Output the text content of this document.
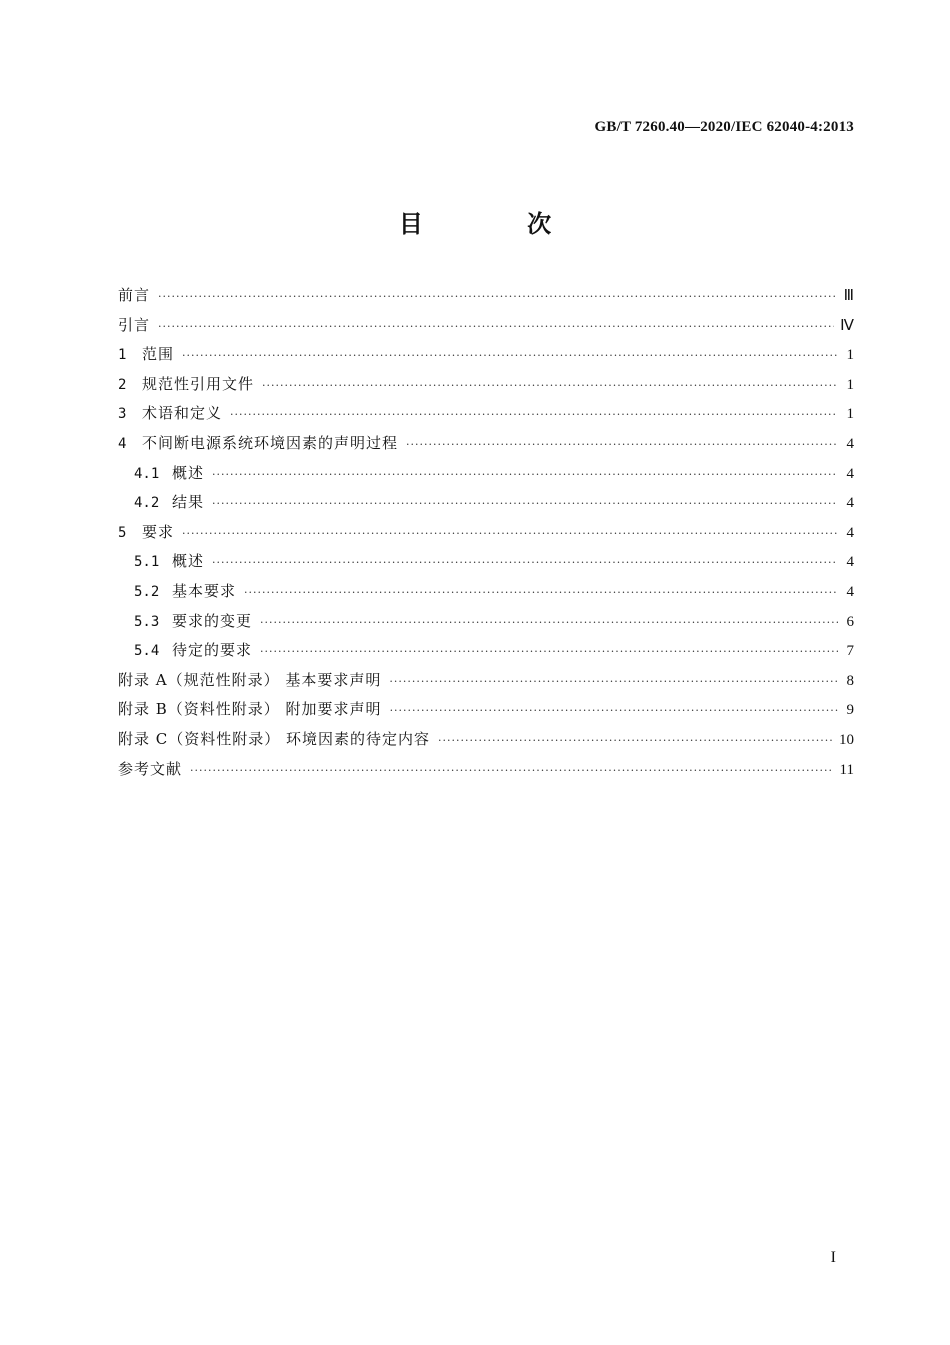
GB/T 7260.40—2020/IEC 62040-4:2013
目 次
前言 ·····	Ⅲ
引言 ·····	Ⅳ
1	范围 ·····	1
2	规范性引用文件 ·····	1
3	术语和定义 ·····	1
4	不间断电源系统环境因素的声明过程 ·····	4
4.1 概述 ·····	4
4.2 结果 ·····	4
5	要求 ·····	4
5.1 概述 ·····	4
5.2 基本要求 ·····	4
5.3 要求的变更 ·····	6
5.4 待定的要求 ·····	7
附录 A（规范性附录） 基本要求声明 ·····	8
附录 B（资料性附录） 附加要求声明 ·····	9
附录 C（资料性附录） 环境因素的待定内容 ·····	10
参考文献 ·····	11
I
